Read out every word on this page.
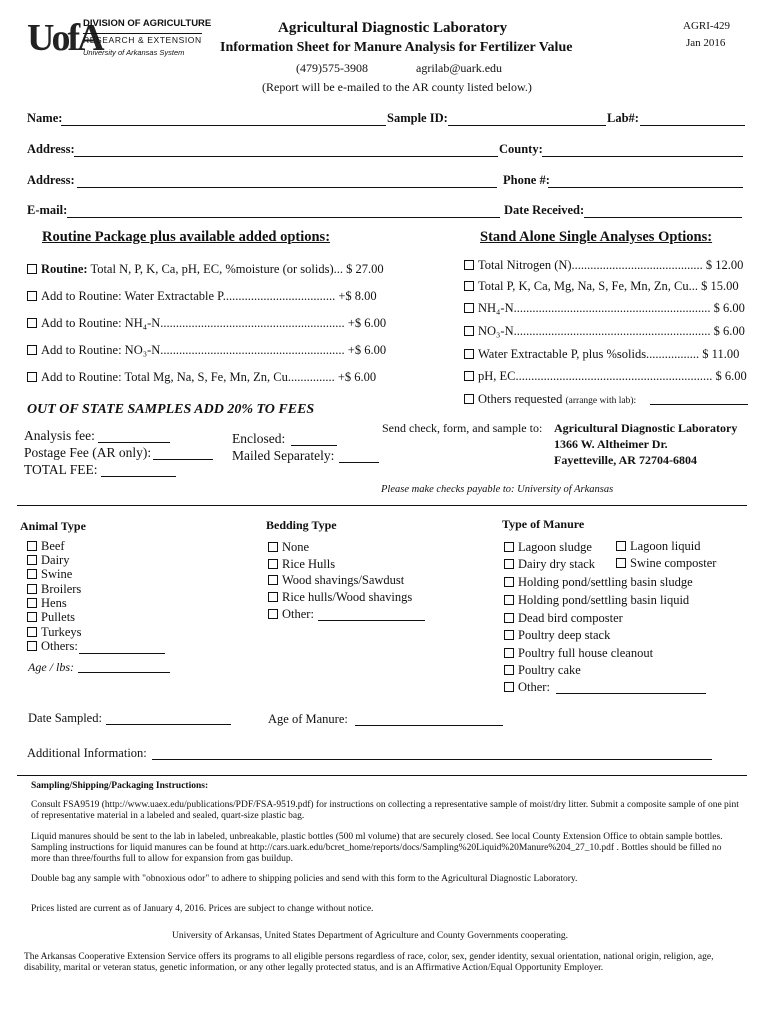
UofA
DIVISION OF AGRICULTURE
RESEARCH & EXTENSION
University of Arkansas System
Agricultural Diagnostic Laboratory
Information Sheet for Manure Analysis for Fertilizer Value
(479)575-3908	agrilab@uark.edu
(Report will be e-mailed to the AR county listed below.)
AGRI-429
Jan 2016
Name:	Sample ID:	Lab#:
Address:	County:
Address:	Phone #:
E-mail:	Date Received:
Routine Package plus available added options:
Routine: Total N, P, K, Ca, pH, EC, %moisture (or solids)... $ 27.00
Add to Routine: Water Extractable P.................................... +$ 8.00
Add to Routine: NH₄-N........................................................... +$ 6.00
Add to Routine: NO₃-N........................................................... +$ 6.00
Add to Routine: Total Mg, Na, S, Fe, Mn, Zn, Cu............... +$ 6.00
Stand Alone Single Analyses Options:
Total Nitrogen (N).......................................... $ 12.00
Total P, K, Ca, Mg, Na, S, Fe, Mn, Zn, Cu... $ 15.00
NH₄-N............................................................... $ 6.00
NO₃-N............................................................... $ 6.00
Water Extractable P, plus %solids................. $ 11.00
pH, EC............................................................... $ 6.00
Others requested (arrange with lab):
OUT OF STATE SAMPLES ADD 20% TO FEES
Analysis fee:
Postage Fee (AR only):
TOTAL FEE:
Enclosed:
Mailed Separately:
Send check, form, and sample to: Agricultural Diagnostic Laboratory
1366 W. Altheimer Dr.
Fayetteville, AR 72704-6804
Please make checks payable to: University of Arkansas
Animal Type
Beef
Dairy
Swine
Broilers
Hens
Pullets
Turkeys
Others:
Age / lbs:
Bedding Type
None
Rice Hulls
Wood shavings/Sawdust
Rice hulls/Wood shavings
Other:
Type of Manure
Lagoon sludge	Lagoon liquid
Dairy dry stack	Swine composter
Holding pond/settling basin sludge
Holding pond/settling basin liquid
Dead bird composter
Poultry deep stack
Poultry full house cleanout
Poultry cake
Other:
Date Sampled:	Age of Manure:
Additional Information:
Sampling/Shipping/Packaging Instructions:
Consult FSA9519 (http://www.uaex.edu/publications/PDF/FSA-9519.pdf) for instructions on collecting a representative sample of moist/dry litter. Submit a composite sample of one pint of representative material in a labeled and sealed, quart-size plastic bag.
Liquid manures should be sent to the lab in labeled, unbreakable, plastic bottles (500 ml volume) that are securely closed. See local County Extension Office to obtain sample bottles. Sampling instructions for liquid manures can be found at http://cars.uark.edu/bcret_home/reports/docs/Sampling%20Liquid%20Manure%204_27_10.pdf . Bottles should be filled no more than three/fourths full to allow for expansion from gas buildup.
Double bag any sample with "obnoxious odor" to adhere to shipping policies and send with this form to the Agricultural Diagnostic Laboratory.
Prices listed are current as of January 4, 2016. Prices are subject to change without notice.
University of Arkansas, United States Department of Agriculture and County Governments cooperating.
The Arkansas Cooperative Extension Service offers its programs to all eligible persons regardless of race, color, sex, gender identity, sexual orientation, national origin, religion, age, disability, marital or veteran status, genetic information, or any other legally protected status, and is an Affirmative Action/Equal Opportunity Employer.
